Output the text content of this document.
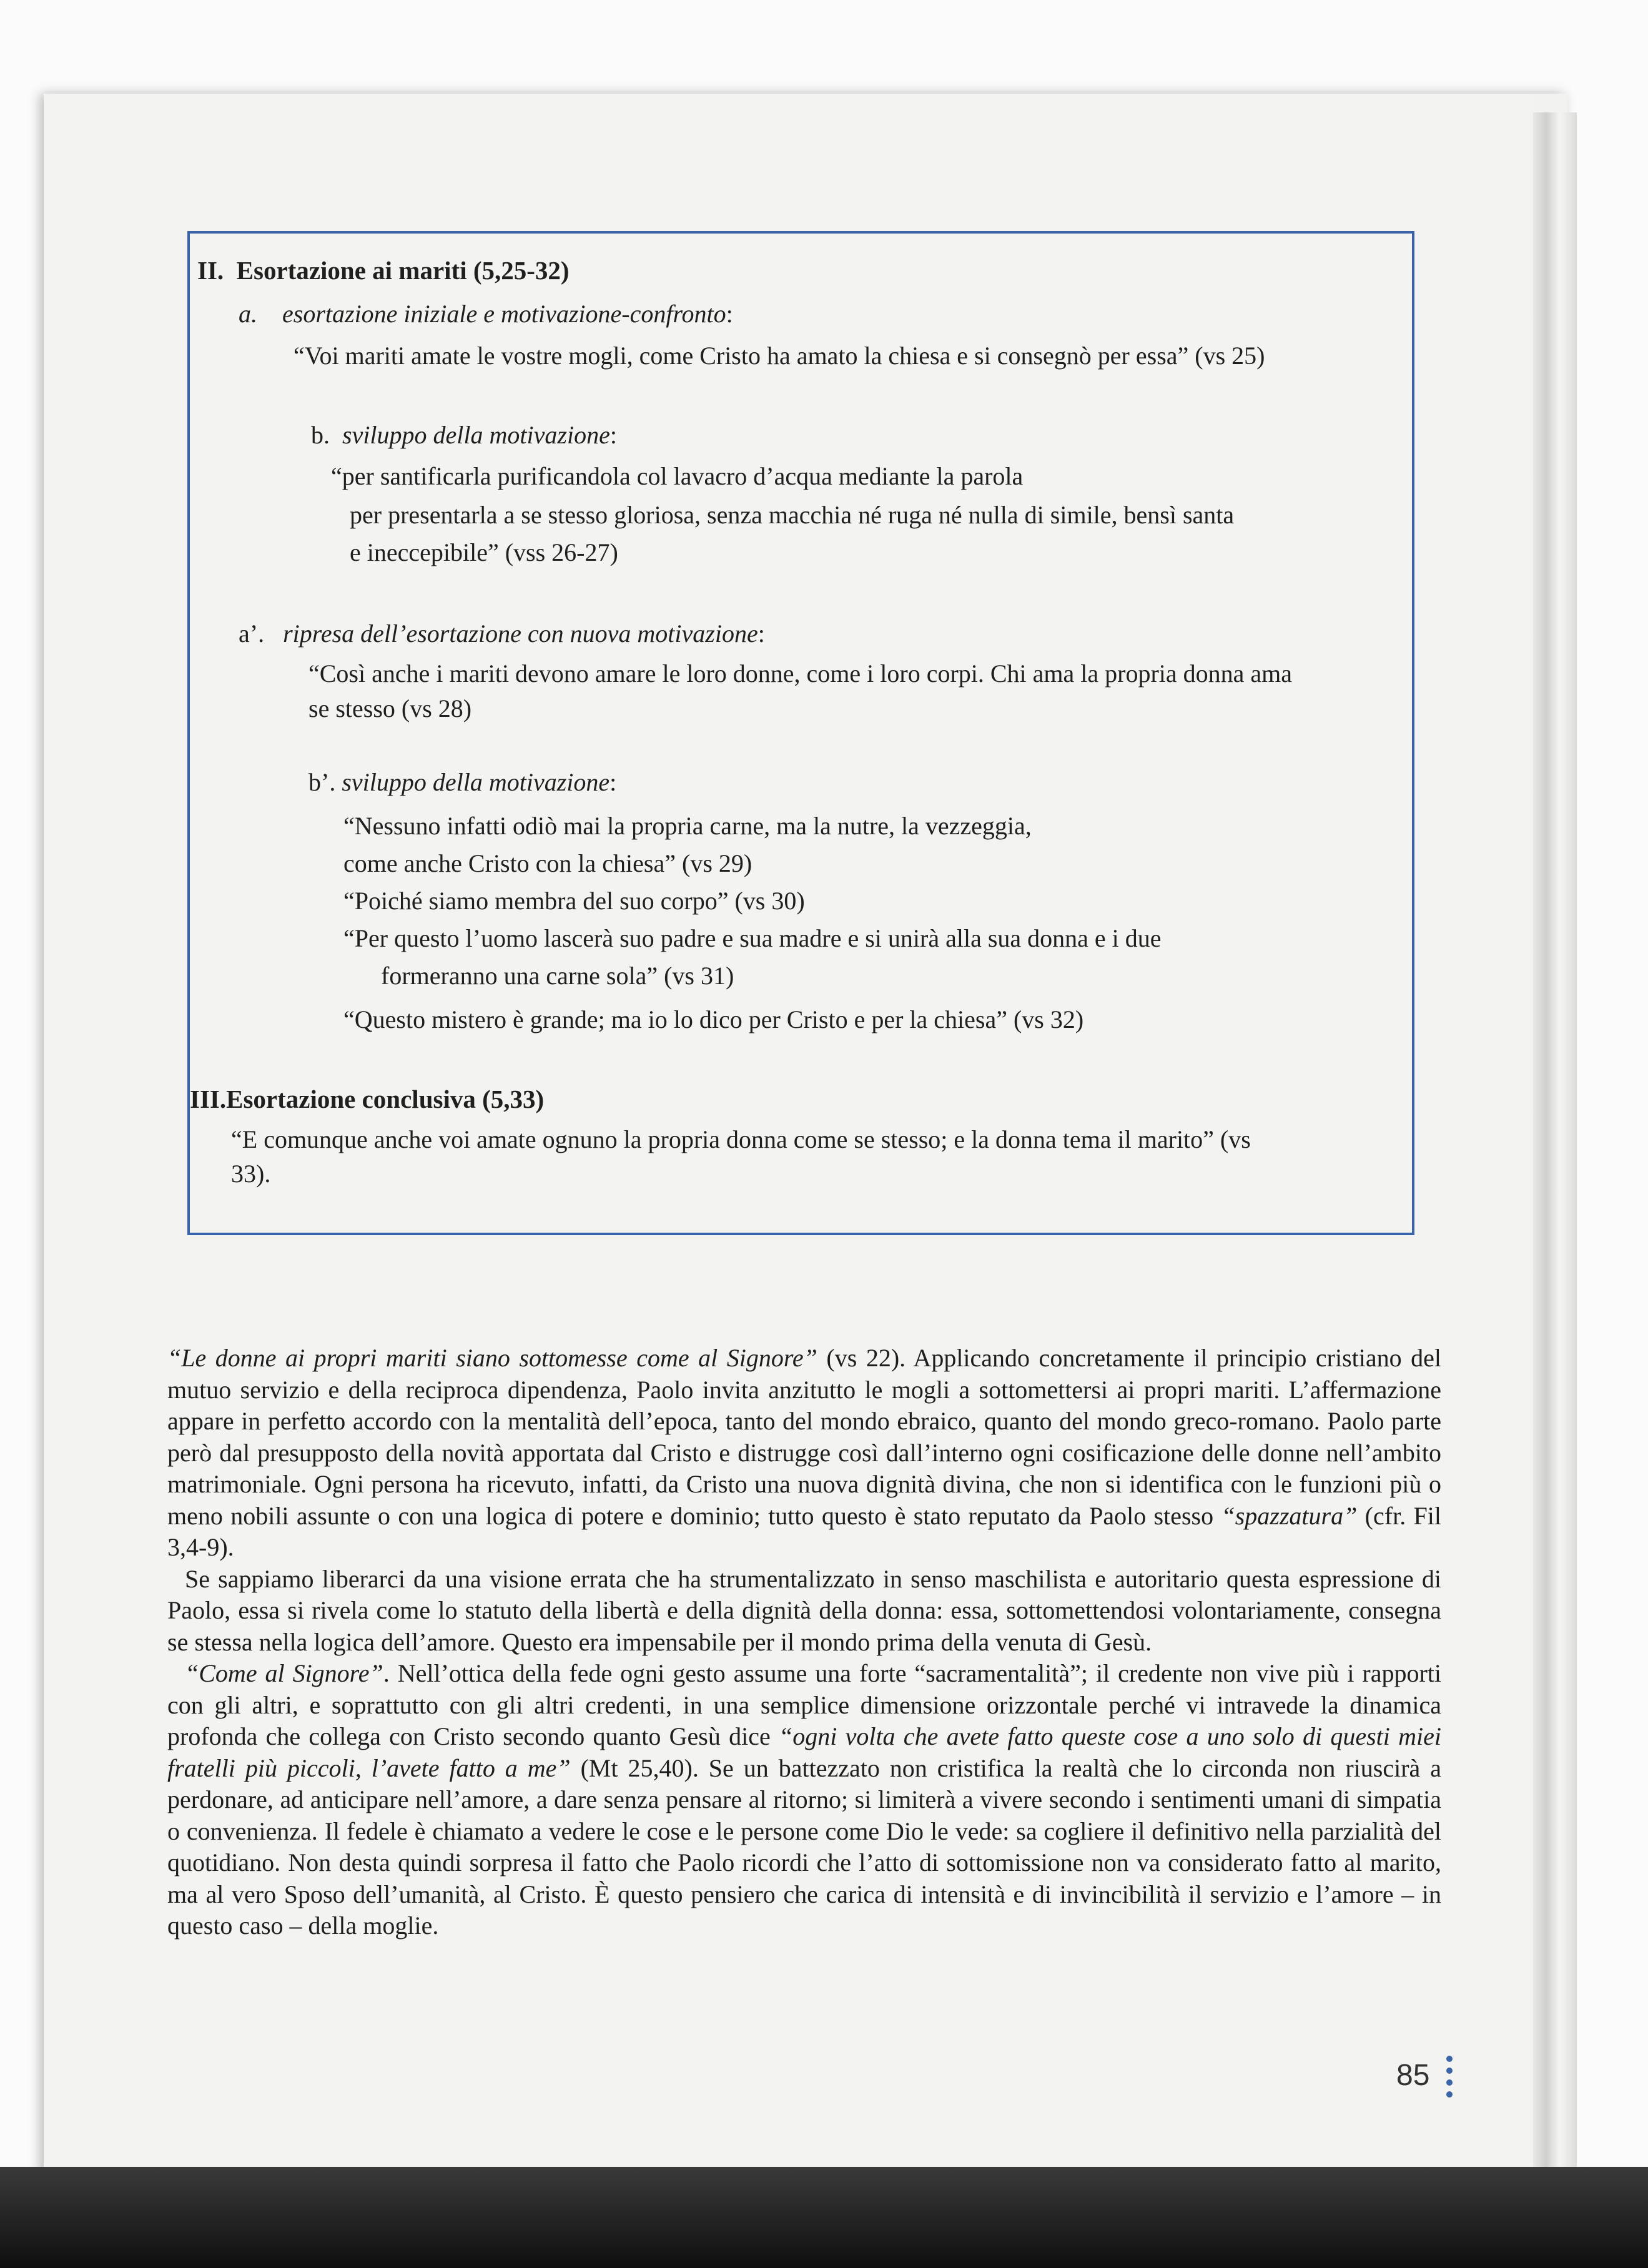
II.  Esortazione ai mariti (5,25-32)
a. esortazione iniziale e motivazione-confronto:
“Voi mariti amate le vostre mogli, come Cristo ha amato la chiesa e si consegnò per essa” (vs 25)
b. sviluppo della motivazione:
“per santificarla purificandola col lavacro d’acqua mediante la parola
per presentarla a se stesso gloriosa, senza macchia né ruga né nulla di simile, bensì santa
e ineccepibile” (vss 26-27)
a’. ripresa dell’esortazione con nuova motivazione:
“Così anche i mariti devono amare le loro donne, come i loro corpi. Chi ama la propria donna ama
se stesso (vs 28)
b’. sviluppo della motivazione:
“Nessuno infatti odiò mai la propria carne, ma la nutre, la vezzeggia,
come anche Cristo con la chiesa” (vs 29)
“Poiché siamo membra del suo corpo” (vs 30)
“Per questo l’uomo lascerà suo padre e sua madre e si unirà alla sua donna e i due
formeranno una carne sola” (vs 31)
“Questo mistero è grande; ma io lo dico per Cristo e per la chiesa” (vs 32)
III.Esortazione conclusiva (5,33)
“E comunque anche voi amate ognuno la propria donna come se stesso; e la donna tema il marito” (vs
33).

“Le donne ai propri mariti siano sottomesse come al Signore” (vs 22). Applicando concretamente il principio cristiano del mutuo servizio e della reciproca dipendenza, Paolo invita anzitutto le mogli a sottomettersi ai propri mariti. L’affermazione appare in perfetto accordo con la mentalità dell’epoca, tanto del mondo ebraico, quanto del mondo greco-romano. Paolo parte però dal presupposto della novità apportata dal Cristo e distrugge così dall’interno ogni cosificazione delle donne nell’ambito matrimoniale. Ogni persona ha ricevuto, infatti, da Cristo una nuova dignità divina, che non si identifica con le funzioni più o meno nobili assunte o con una logica di potere e dominio; tutto questo è stato reputato da Paolo stesso “spazzatura” (cfr. Fil 3,4-9).

Se sappiamo liberarci da una visione errata che ha strumentalizzato in senso maschilista e autoritario questa espressione di Paolo, essa si rivela come lo statuto della libertà e della dignità della donna: essa, sottomettendosi volontariamente, consegna se stessa nella logica dell’amore. Questo era impensabile per il mondo prima della venuta di Gesù.

“Come al Signore”. Nell’ottica della fede ogni gesto assume una forte “sacramentalità”; il credente non vive più i rapporti con gli altri, e soprattutto con gli altri credenti, in una semplice dimensione orizzontale perché vi intravede la dinamica profonda che collega con Cristo secondo quanto Gesù dice “ogni volta che avete fatto queste cose a uno solo di questi miei fratelli più piccoli, l’avete fatto a me” (Mt 25,40). Se un battezzato non cristifica la realtà che lo circonda non riuscirà a perdonare, ad anticipare nell’amore, a dare senza pensare al ritorno; si limiterà a vivere secondo i sentimenti umani di simpatia o convenienza. Il fedele è chiamato a vedere le cose e le persone come Dio le vede: sa cogliere il definitivo nella parzialità del quotidiano. Non desta quindi sorpresa il fatto che Paolo ricordi che l’atto di sottomissione non va considerato fatto al marito, ma al vero Sposo dell’umanità, al Cristo. È questo pensiero che carica di intensità e di invincibilità il servizio e l’amore – in questo caso – della moglie.

85
